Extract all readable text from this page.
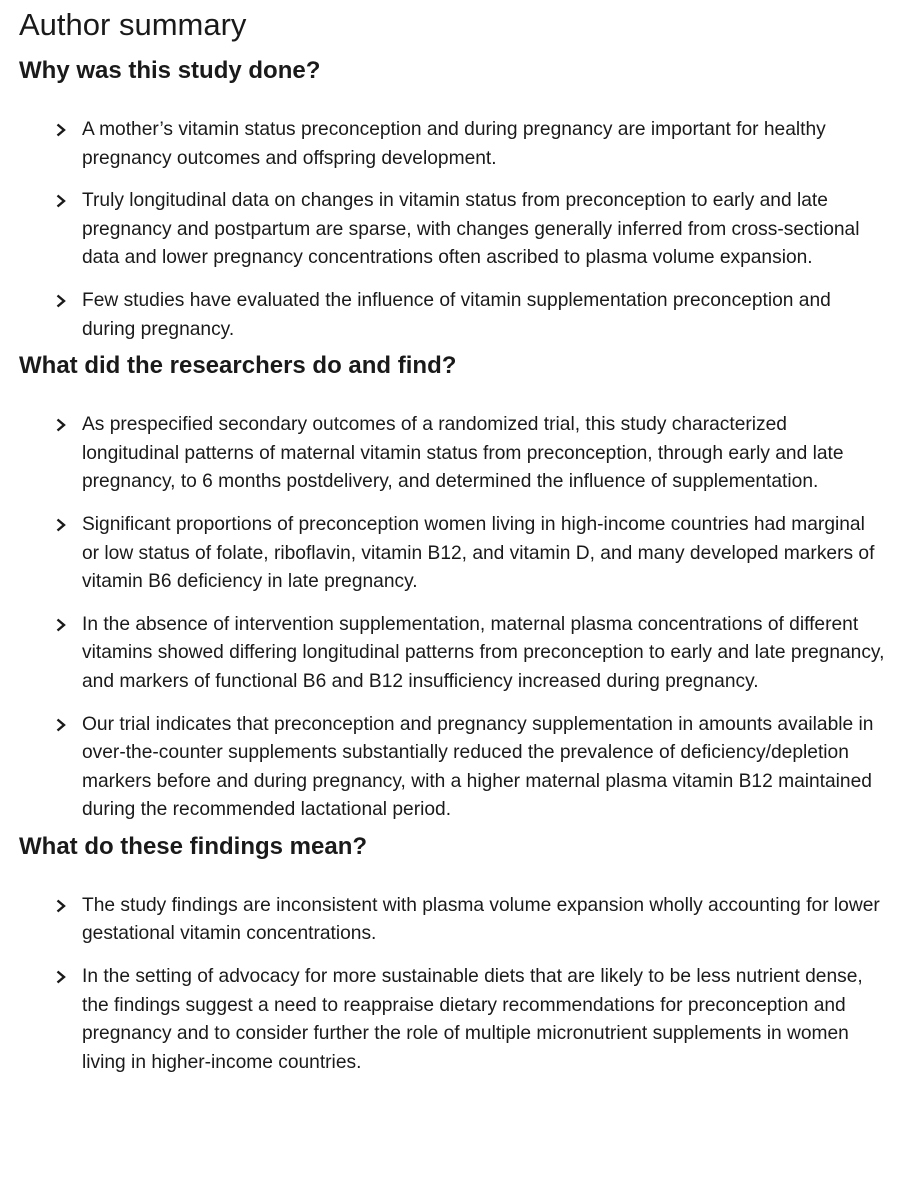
Author summary
Why was this study done?
A mother’s vitamin status preconception and during pregnancy are important for healthy pregnancy outcomes and offspring development.
Truly longitudinal data on changes in vitamin status from preconception to early and late pregnancy and postpartum are sparse, with changes generally inferred from cross-sectional data and lower pregnancy concentrations often ascribed to plasma volume expansion.
Few studies have evaluated the influence of vitamin supplementation preconception and during pregnancy.
What did the researchers do and find?
As prespecified secondary outcomes of a randomized trial, this study characterized longitudinal patterns of maternal vitamin status from preconception, through early and late pregnancy, to 6 months postdelivery, and determined the influence of supplementation.
Significant proportions of preconception women living in high-income countries had marginal or low status of folate, riboflavin, vitamin B12, and vitamin D, and many developed markers of vitamin B6 deficiency in late pregnancy.
In the absence of intervention supplementation, maternal plasma concentrations of different vitamins showed differing longitudinal patterns from preconception to early and late pregnancy, and markers of functional B6 and B12 insufficiency increased during pregnancy.
Our trial indicates that preconception and pregnancy supplementation in amounts available in over-the-counter supplements substantially reduced the prevalence of deficiency/depletion markers before and during pregnancy, with a higher maternal plasma vitamin B12 maintained during the recommended lactational period.
What do these findings mean?
The study findings are inconsistent with plasma volume expansion wholly accounting for lower gestational vitamin concentrations.
In the setting of advocacy for more sustainable diets that are likely to be less nutrient dense, the findings suggest a need to reappraise dietary recommendations for preconception and pregnancy and to consider further the role of multiple micronutrient supplements in women living in higher-income countries.
